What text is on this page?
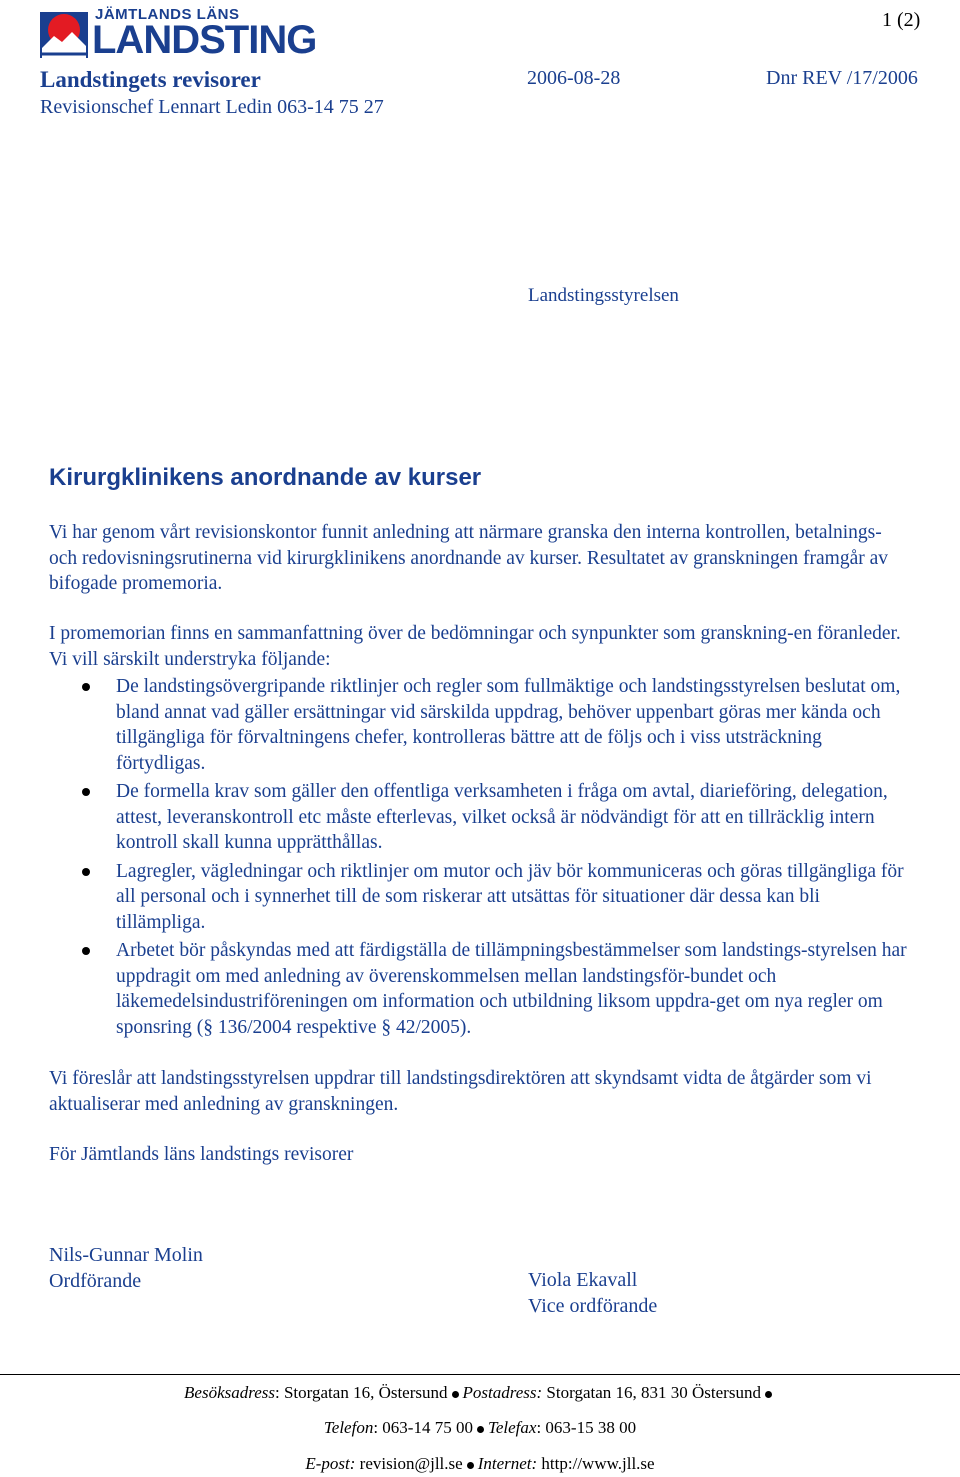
JÄMTLANDS LÄNS
LANDSTING	1 (2)
Landstingets revisorer
Revisionschef Lennart Ledin 063-14 75 27
2006-08-28	Dnr REV /17/2006
Landstingsstyrelsen
Kirurgklinikens anordnande av kurser
Vi har genom vårt revisionskontor funnit anledning att närmare granska den interna kontrollen, betalnings- och redovisningsrutinerna vid kirurgklinikens anordnande av kurser. Resultatet av granskningen framgår av bifogade promemoria.
I promemorian finns en sammanfattning över de bedömningar och synpunkter som granskning-en föranleder. Vi vill särskilt understryka följande:
De landstingsövergripande riktlinjer och regler som fullmäktige och landstingsstyrelsen beslutat om, bland annat vad gäller ersättningar vid särskilda uppdrag, behöver uppenbart göras mer kända och tillgängliga för förvaltningens chefer, kontrolleras bättre att de följs och i viss utsträckning förtydligas.
De formella krav som gäller den offentliga verksamheten i fråga om avtal, diarieföring, delegation, attest, leveranskontroll etc måste efterlevas, vilket också är nödvändigt för att en tillräcklig intern kontroll skall kunna upprätthållas.
Lagregler, vägledningar och riktlinjer om mutor och jäv bör kommuniceras och göras tillgängliga för all personal och i synnerhet till de som riskerar att utsättas för situationer där dessa kan bli tillämpliga.
Arbetet bör påskyndas med att färdigställa de tillämpningsbestämmelser som landstings-styrelsen har uppdragit om med anledning av överenskommelsen mellan landstingsför-bundet och läkemedelsindustriföreningen om information och utbildning liksom uppdra-get om nya regler om sponsring (§ 136/2004 respektive § 42/2005).
Vi föreslår att landstingsstyrelsen uppdrar till landstingsdirektören att skyndsamt vidta de åtgärder som vi aktualiserar med anledning av granskningen.
För Jämtlands läns landstings revisorer
Nils-Gunnar Molin
Ordförande	Viola Ekavall
Vice ordförande
Besöksadress: Storgatan 16, Östersund Postadress: Storgatan 16, 831 30 Östersund
Telefon: 063-14 75 00 Telefax: 063-15 38 00
E-post: revision@jll.se Internet: http://www.jll.se
